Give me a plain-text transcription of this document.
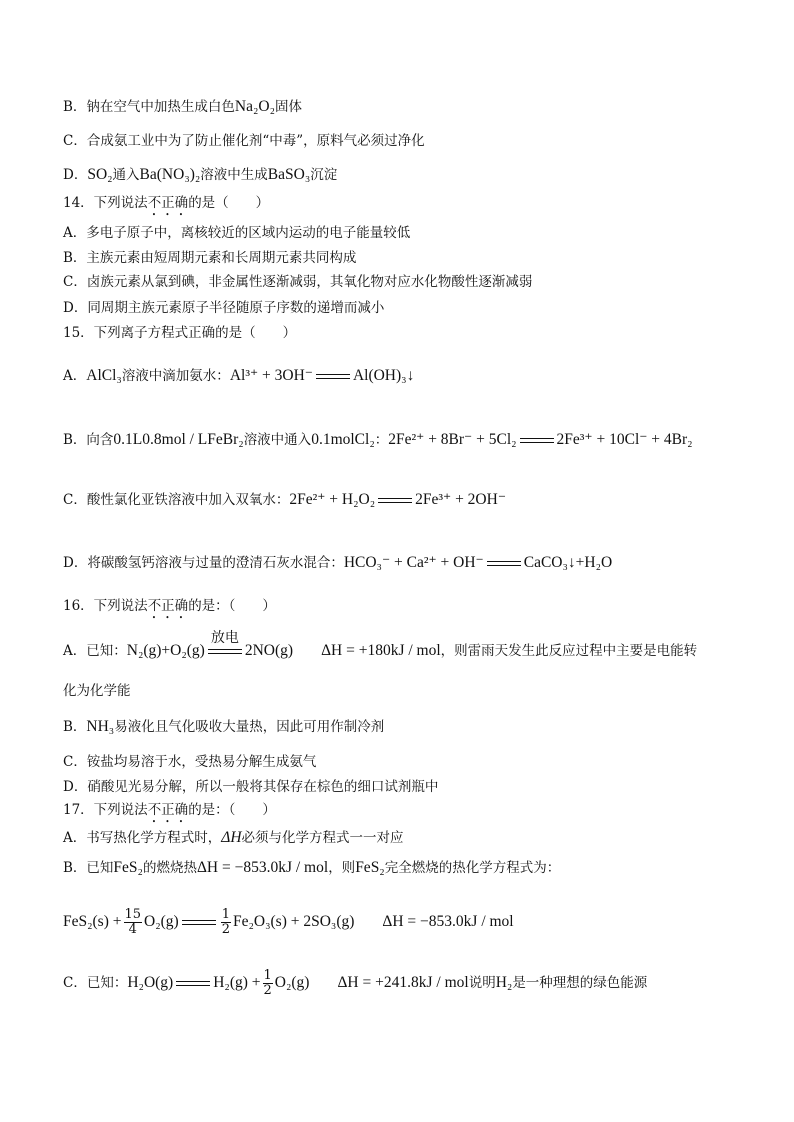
B．钠在空气中加热生成白色Na₂O₂固体
C．合成氨工业中为了防止催化剂“中毒”，原料气必须过净化
D．SO₂通入Ba(NO₃)₂溶液中生成BaSO₃沉淀
14．下列说法不正确的是（　　）
A．多电子原子中，离核较近的区域内运动的电子能量较低
B．主族元素由短周期元素和长周期元素共同构成
C．卤族元素从氯到碘，非金属性逐渐减弱，其氧化物对应水化物酸性逐渐减弱
D．同周期主族元素原子半径随原子序数的递增而减小
15．下列离子方程式正确的是（　　）
A．AlCl₃溶液中滴加氨水：Al³⁺ + 3OH⁻	Al(OH)₃↓
B．向含0.1L0.8mol / LFeBr₂溶液中通入0.1molCl₂：2Fe²⁺ + 8Br⁻ + 5Cl₂	2Fe³⁺ + 10Cl⁻ + 4Br₂
C．酸性氯化亚铁溶液中加入双氧水：2Fe²⁺ + H₂O₂	2Fe³⁺ + 2OH⁻
D．将碳酸氢钙溶液与过量的澄清石灰水混合：HCO₃⁻ + Ca²⁺ + OH⁻	CaCO₃↓+H₂O
16．下列说法不正确的是：（　　）
A．已知：N₂(g)+O₂(g)
放电
2NO(g) ΔH = +180kJ / mol，则雷雨天发生此反应过程中主要是电能转
化为化学能
B．NH₃易液化且气化吸收大量热，因此可用作制冷剂
C．铵盐均易溶于水，受热易分解生成氨气
D．硝酸见光易分解，所以一般将其保存在棕色的细口试剂瓶中
17．下列说法不正确的是：（　　）
A．书写热化学方程式时，ΔH必须与化学方程式一一对应
B．已知FeS₂的燃烧热ΔH = −853.0kJ / mol，则FeS₂完全燃烧的热化学方程式为：
$FeS_2(s) + \frac{15}{4} O_2(g)$	$\frac{1}{2} Fe_2O_3(s) + 2SO_3(g) \Delta H = -853.0kJ$ / mol
C．已知：H₂O(g)	$H_2(g) + \frac{1}{2} O_2(g) \Delta H = +241.8kJ$ / mol说明H₂是一种理想的绿色能源
